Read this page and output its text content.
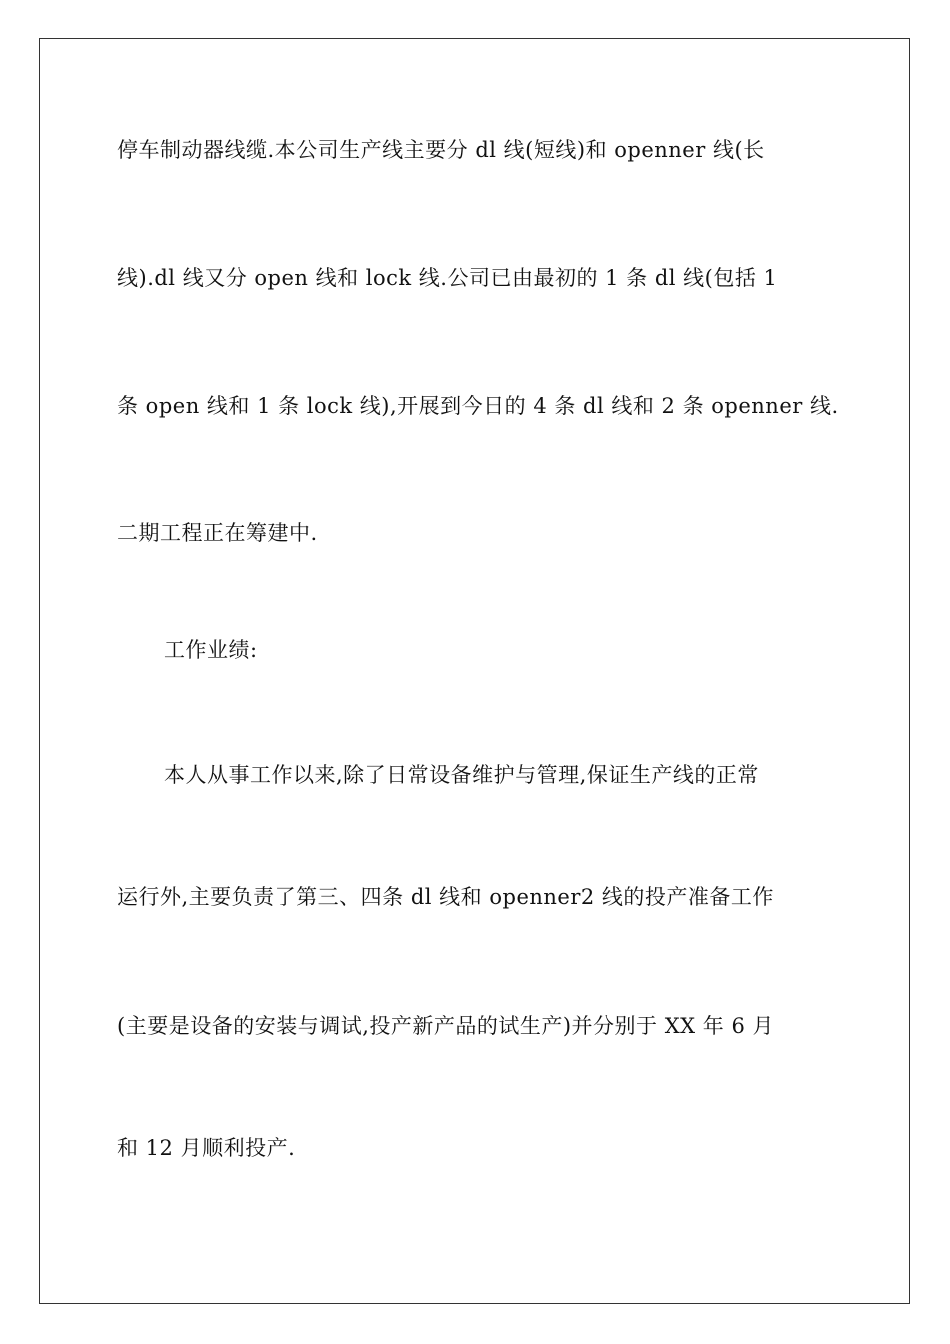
停车制动器线缆.本公司生产线主要分 dl 线(短线)和 openner 线(长
线).dl 线又分 open 线和 lock 线.公司已由最初的 1 条 dl 线(包括 1
条 open 线和 1 条 lock 线),开展到今日的 4 条 dl 线和 2 条 openner 线.
二期工程正在筹建中.
工作业绩:
本人从事工作以来,除了日常设备维护与管理,保证生产线的正常
运行外,主要负责了第三、四条 dl 线和 openner2 线的投产准备工作
(主要是设备的安装与调试,投产新产品的试生产)并分别于 XX 年 6 月
和 12 月顺利投产.
